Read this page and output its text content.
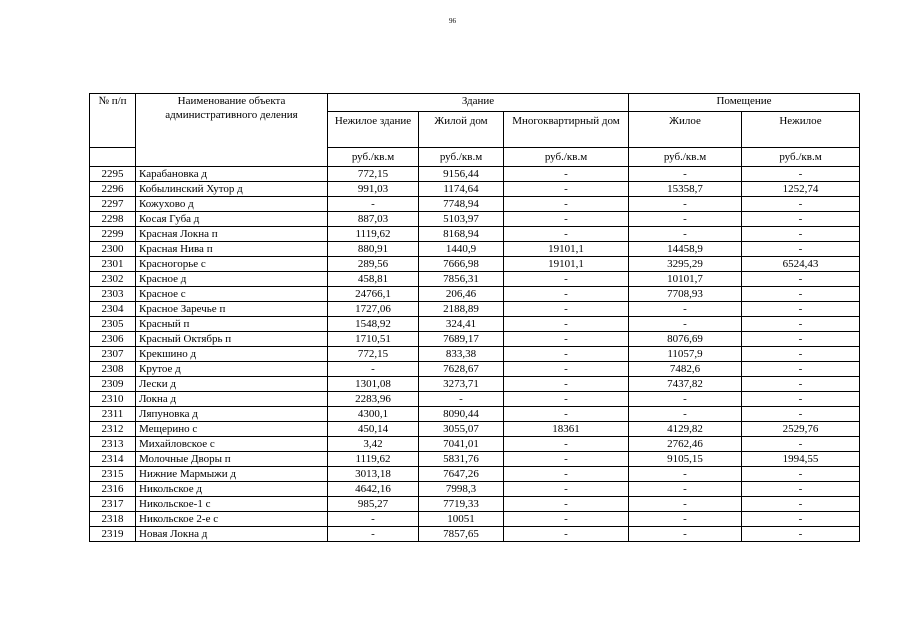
96
№ п/п	Наименование объекта административного деления	Здание			Помещение	
		Нежилое здание	Жилой дом	Многоквартирный дом	Жилое	Нежилое
		руб./кв.м	руб./кв.м	руб./кв.м	руб./кв.м	руб./кв.м
2295	Карабановка д	772,15	9156,44	-	-	-
2296	Кобылинский Хутор д	991,03	1174,64	-	15358,7	1252,74
2297	Кожухово д	-	7748,94	-	-	-
2298	Косая Губа д	887,03	5103,97	-	-	-
2299	Красная Локна п	1119,62	8168,94	-	-	-
2300	Красная Нива п	880,91	1440,9	19101,1	14458,9	-
2301	Красногорье с	289,56	7666,98	19101,1	3295,29	6524,43
2302	Красное д	458,81	7856,31	-	10101,7	-
2303	Красное с	24766,1	206,46	-	7708,93	-
2304	Красное Заречье п	1727,06	2188,89	-	-	-
2305	Красный п	1548,92	324,41	-	-	-
2306	Красный Октябрь п	1710,51	7689,17	-	8076,69	-
2307	Крекшино д	772,15	833,38	-	11057,9	-
2308	Крутое д	-	7628,67	-	7482,6	-
2309	Лески д	1301,08	3273,71	-	7437,82	-
2310	Локна д	2283,96	-	-	-	-
2311	Ляпуновка д	4300,1	8090,44	-	-	-
2312	Мещерино с	450,14	3055,07	18361	4129,82	2529,76
2313	Михайловское с	3,42	7041,01	-	2762,46	-
2314	Молочные Дворы п	1119,62	5831,76	-	9105,15	1994,55
2315	Нижние Мармыжи д	3013,18	7647,26	-	-	-
2316	Никольское д	4642,16	7998,3	-	-	-
2317	Никольское-1 с	985,27	7719,33	-	-	-
2318	Никольское 2-е с	-	10051	-	-	-
2319	Новая Локна д	-	7857,65	-	-	-
